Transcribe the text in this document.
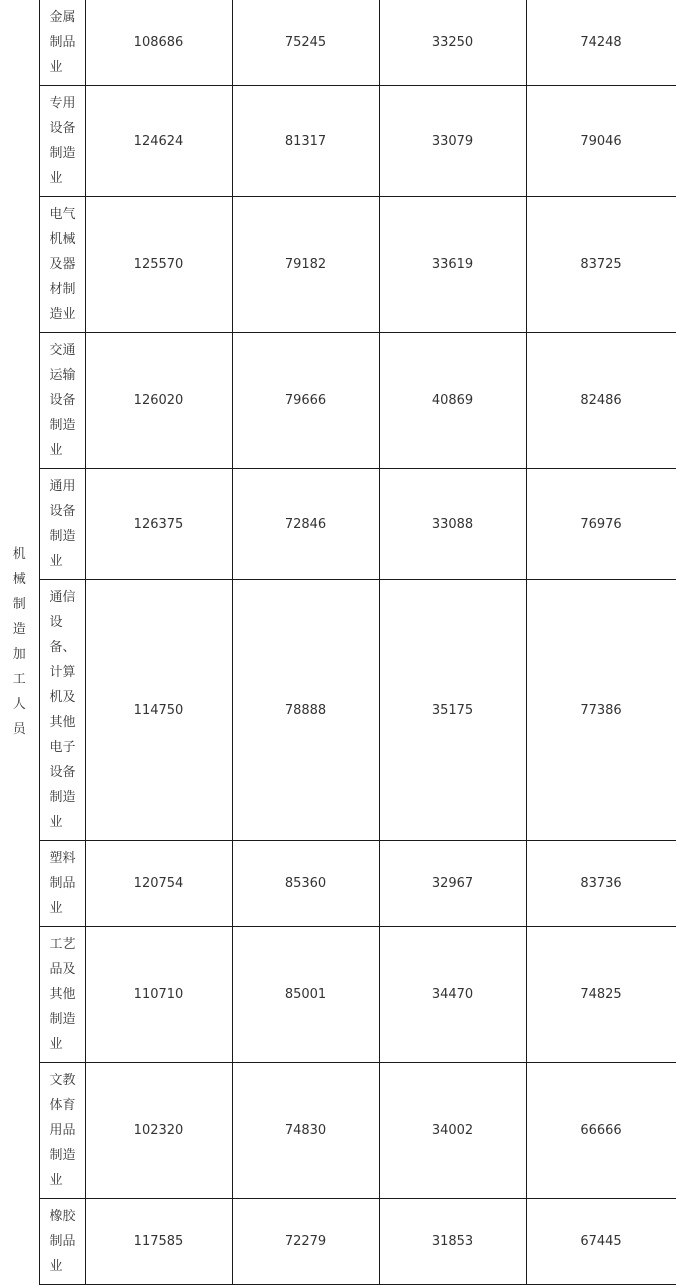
机械制造加工人员	金属制品业	108686	75245	33250	74248

	专用设备制造业	124624	81317	33079	79046

	电气机械及器材制造业	125570	79182	33619	83725

	交通运输设备制造业	126020	79666	40869	82486

	通用设备制造业	126375	72846	33088	76976

	通信设备、计算机及其他电子设备制造业	114750	78888	35175	77386

	塑料制品业	120754	85360	32967	83736

	工艺品及其他制造业	110710	85001	34470	74825

	文教体育用品制造业	102320	74830	34002	66666

	橡胶制品业	117585	72279	31853	67445
